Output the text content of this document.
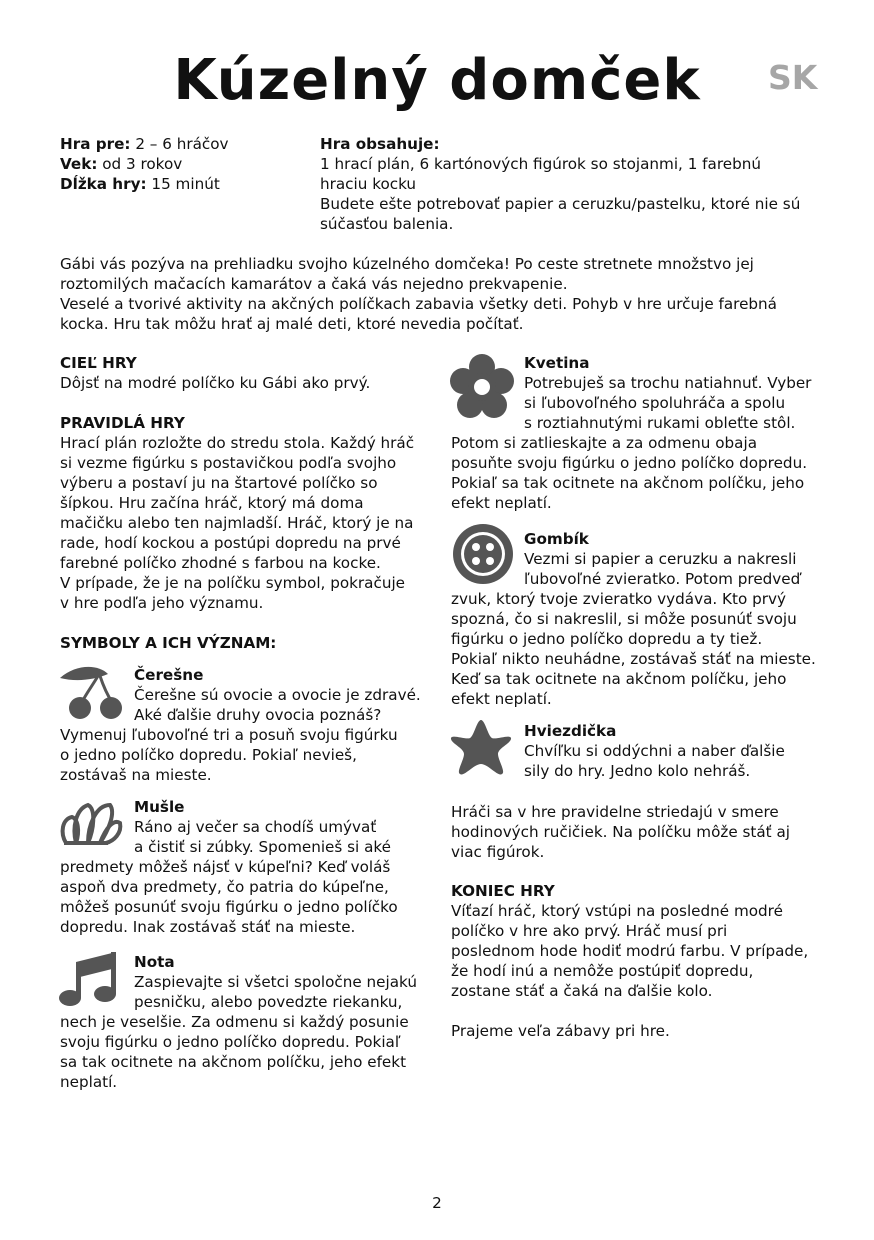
Kúzelný domček	SK
Hra pre: 2 – 6 hráčov
Vek: od 3 rokov
Dĺžka hry: 15 minút
Hra obsahuje:
1 hrací plán, 6 kartónových figúrok so stojanmi, 1 farebnú
hraciu kocku
Budete ešte potrebovať papier a ceruzku/pastelku, ktoré nie sú
súčasťou balenia.
Gábi vás pozýva na prehliadku svojho kúzelného domčeka! Po ceste stretnete množstvo jej
roztomilých mačacích kamarátov a čaká vás nejedno prekvapenie.
Veselé a tvorivé aktivity na akčných políčkach zabavia všetky deti. Pohyb v hre určuje farebná
kocka. Hru tak môžu hrať aj malé deti, ktoré nevedia počítať.
CIEĽ HRY
Dôjsť na modré políčko ku Gábi ako prvý.
PRAVIDLÁ HRY
Hrací plán rozložte do stredu stola. Každý hráč
si vezme figúrku s postavičkou podľa svojho
výberu a postaví ju na štartové políčko so
šípkou. Hru začína hráč, ktorý má doma
mačičku alebo ten najmladší. Hráč, ktorý je na
rade, hodí kockou a postúpi dopredu na prvé
farebné políčko zhodné s farbou na kocke.
V prípade, že je na políčku symbol, pokračuje
v hre podľa jeho významu.
SYMBOLY A ICH VÝZNAM:
Čerešne
Čerešne sú ovocie a ovocie je zdravé.
Aké ďalšie druhy ovocia poznáš?
Vymenuj ľubovoľné tri a posuň svoju figúrku
o jedno políčko dopredu. Pokiaľ nevieš,
zostávaš na mieste.
Mušle
Ráno aj večer sa chodíš umývať
a čistiť si zúbky. Spomenieš si aké
predmety môžeš nájsť v kúpeľni? Keď voláš
aspoň dva predmety, čo patria do kúpeľne,
môžeš posunúť svoju figúrku o jedno políčko
dopredu. Inak zostávaš stáť na mieste.
Nota
Zaspievajte si všetci spoločne nejakú
pesničku, alebo povedzte riekanku,
nech je veselšie. Za odmenu si každý posunie
svoju figúrku o jedno políčko dopredu. Pokiaľ
sa tak ocitnete na akčnom políčku, jeho efekt
neplatí.
Kvetina
Potrebuješ sa trochu natiahnuť. Vyber
si ľubovoľného spoluhráča a spolu
s roztiahnutými rukami obleťte stôl.
Potom si zatlieskajte a za odmenu obaja
posuňte svoju figúrku o jedno políčko dopredu.
Pokiaľ sa tak ocitnete na akčnom políčku, jeho
efekt neplatí.
Gombík
Vezmi si papier a ceruzku a nakresli
ľubovoľné zvieratko. Potom predveď
zvuk, ktorý tvoje zvieratko vydáva. Kto prvý
spozná, čo si nakreslil, si môže posunúť svoju
figúrku o jedno políčko dopredu a ty tiež.
Pokiaľ nikto neuhádne, zostávaš stáť na mieste.
Keď sa tak ocitnete na akčnom políčku, jeho
efekt neplatí.
Hviezdička
Chvíľku si oddýchni a naber ďalšie
sily do hry. Jedno kolo nehráš.
Hráči sa v hre pravidelne striedajú v smere
hodinových ručičiek. Na políčku môže stáť aj
viac figúrok.
KONIEC HRY
Víťazí hráč, ktorý vstúpi na posledné modré
políčko v hre ako prvý. Hráč musí pri
poslednom hode hodiť modrú farbu. V prípade,
že hodí inú a nemôže postúpiť dopredu,
zostane stáť a čaká na ďalšie kolo.
Prajeme veľa zábavy pri hre.
2
